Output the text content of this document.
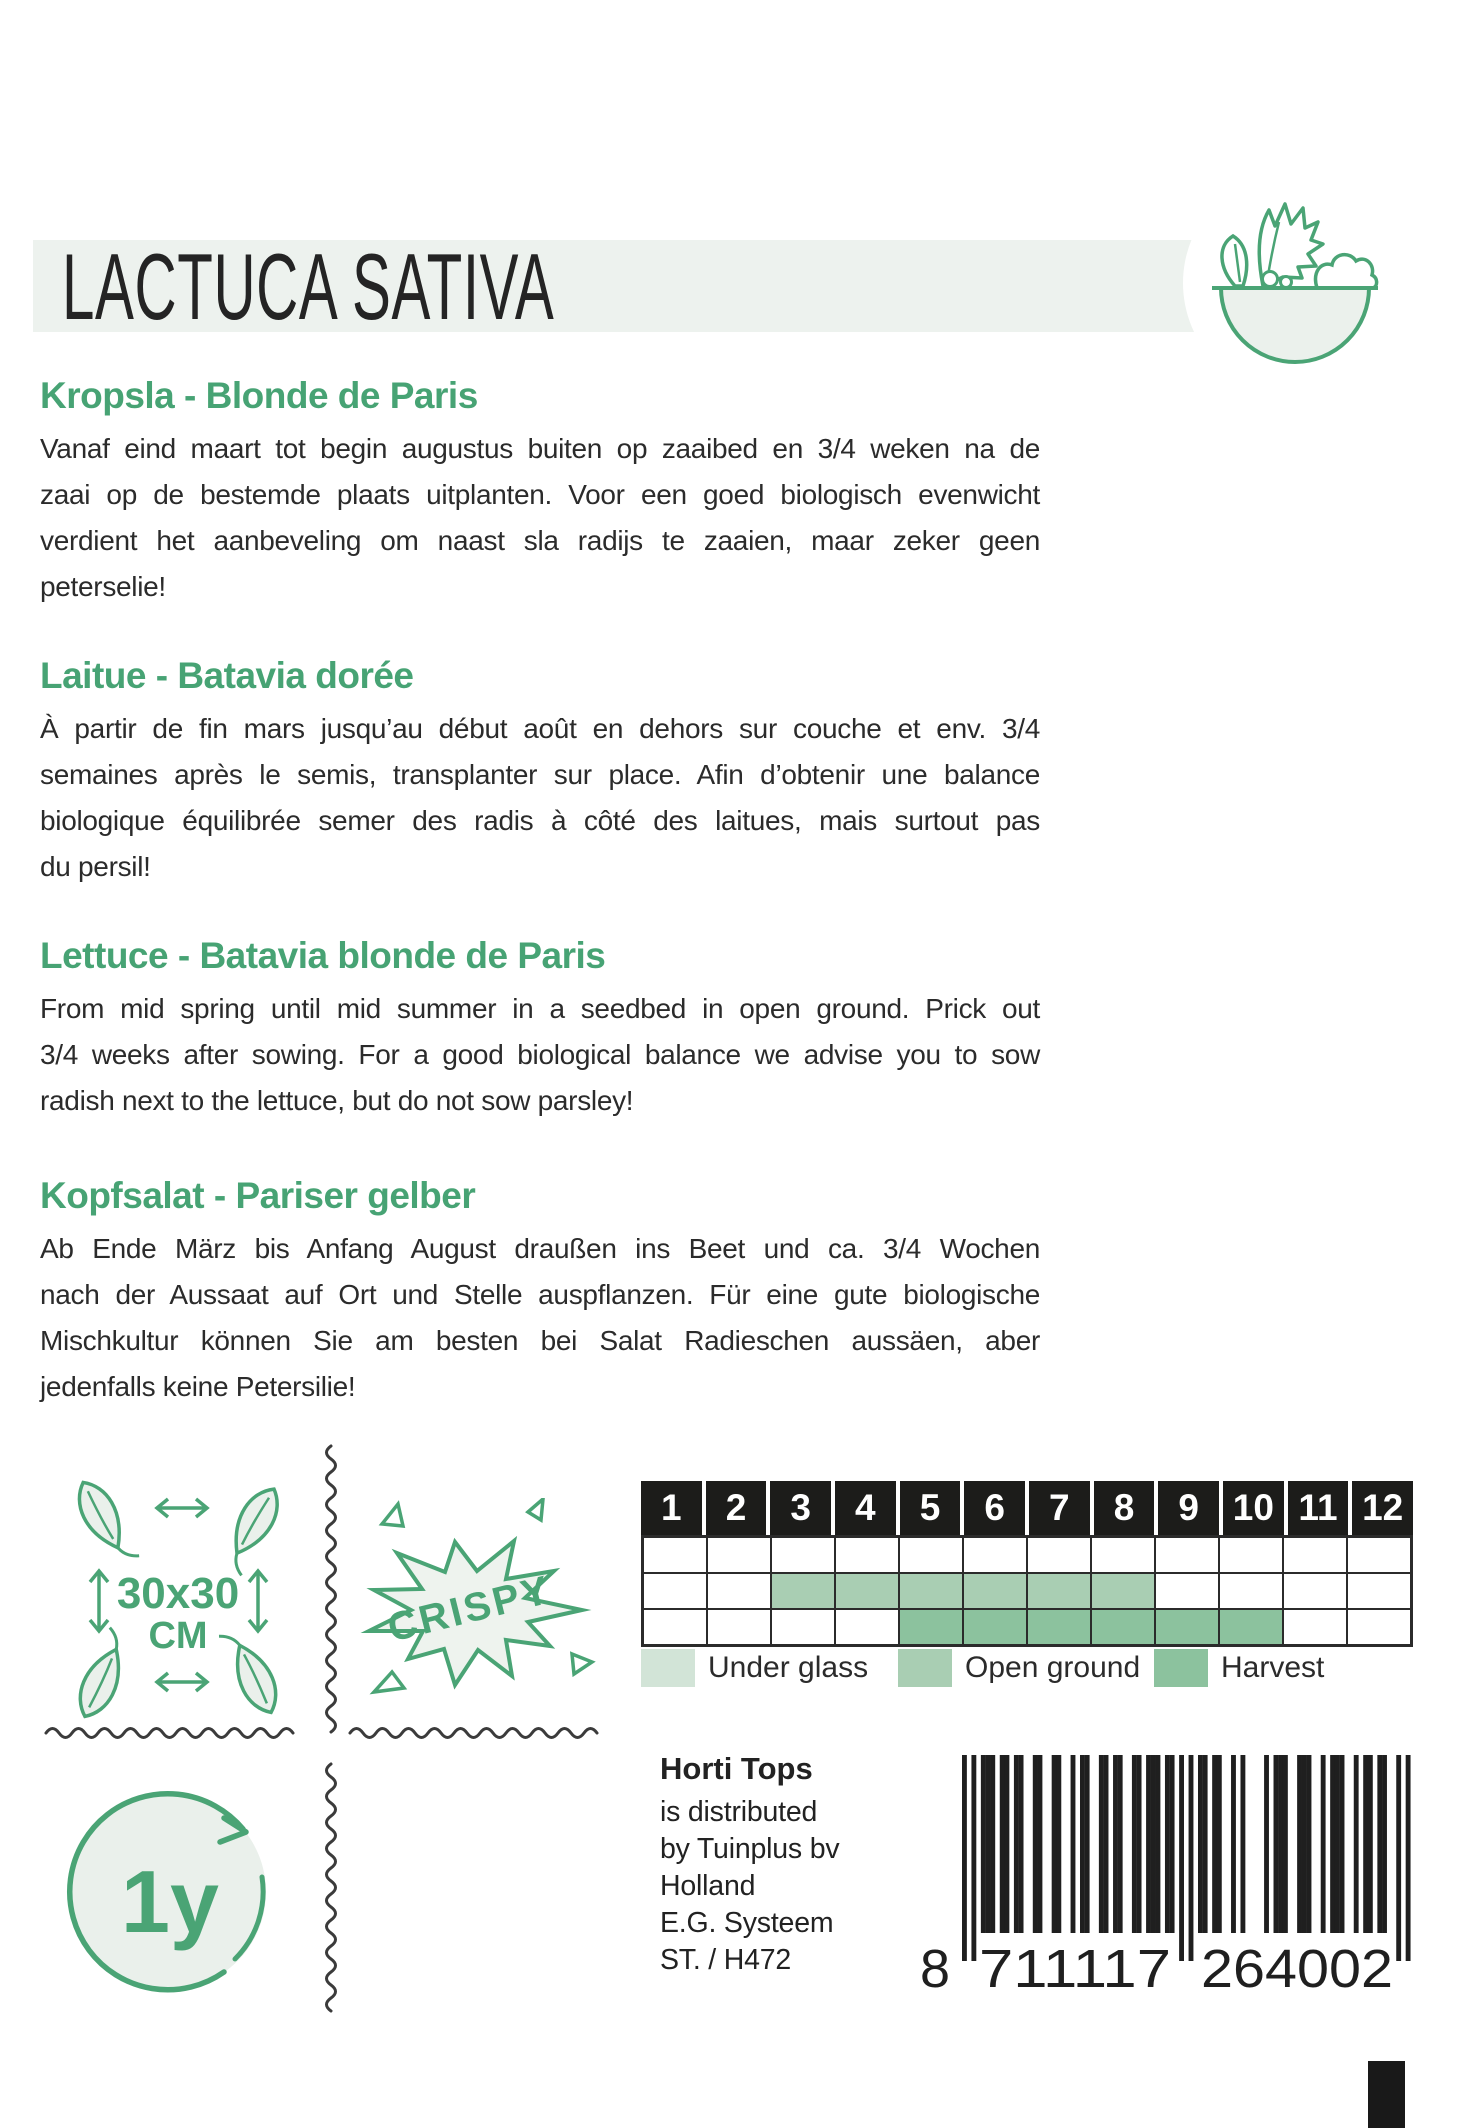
LACTUCA SATIVA
Kropsla - Blonde de Paris
Vanaf eind maart tot begin augustus buiten op zaaibed en 3/4 weken na de
zaai op de bestemde plaats uitplanten. Voor een goed biologisch evenwicht
verdient het aanbeveling om naast sla radijs te zaaien, maar zeker geen
peterselie!
Laitue - Batavia dorée
À partir de fin mars jusqu’au début août en dehors sur couche et env. 3/4
semaines après le semis, transplanter sur place. Afin d’obtenir une balance
biologique équilibrée semer des radis à côté des laitues, mais surtout pas
du persil!
Lettuce - Batavia blonde de Paris
From mid spring until mid summer in a seedbed in open ground. Prick out
3/4 weeks after sowing. For a good biological balance we advise you to sow
radish next to the lettuce, but do not sow parsley!
Kopfsalat - Pariser gelber
Ab Ende März bis Anfang August draußen ins Beet und ca. 3/4 Wochen
nach der Aussaat auf Ort und Stelle auspflanzen. Für eine gute biologische
Mischkultur können Sie am besten bei Salat Radieschen aussäen, aber
jedenfalls keine Petersilie!
30x30
CM	CRISPY
1	2	3	4	5	6	7	8	9 10 11 12
Under glass	Open ground	Harvest
1y
Horti Tops
is distributed
by Tuinplus bv
Holland
E.G. Systeem
ST. / H472	8 711117 264002
